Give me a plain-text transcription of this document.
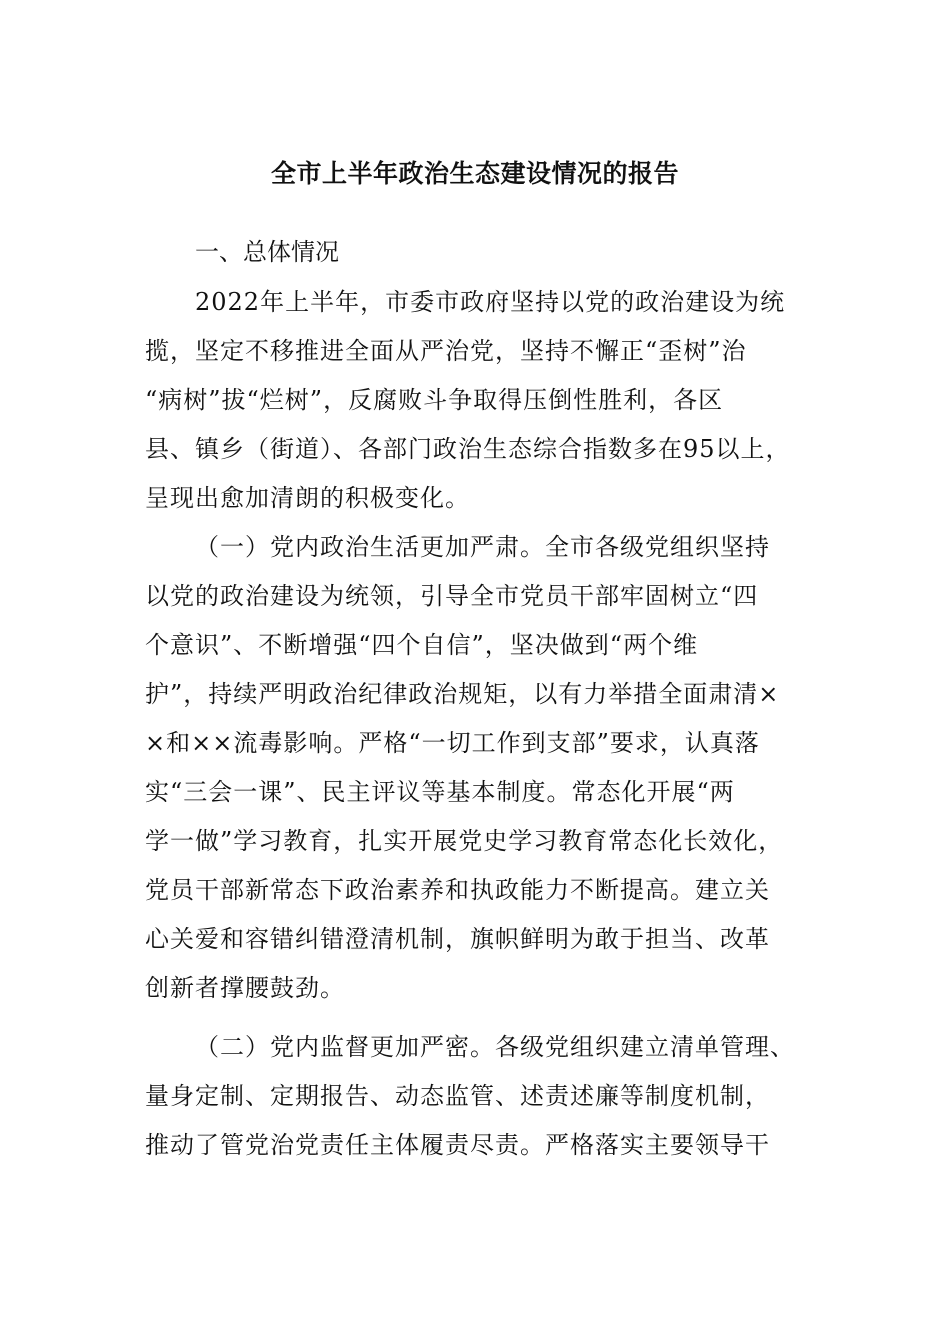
全市上半年政治生态建设情况的报告
一、总体情况
2022年上半年，市委市政府坚持以党的政治建设为统
揽，坚定不移推进全面从严治党，坚持不懈正“歪树”治
“病树”拔“烂树”，反腐败斗争取得压倒性胜利，各区
县、镇乡（街道）、各部门政治生态综合指数多在95以上，
呈现出愈加清朗的积极变化。
（一）党内政治生活更加严肃。全市各级党组织坚持
以党的政治建设为统领，引导全市党员干部牢固树立“四
个意识”、不断增强“四个自信”，坚决做到“两个维
护”，持续严明政治纪律政治规矩，以有力举措全面肃清×
×和××流毒影响。严格“一切工作到支部”要求，认真落
实“三会一课”、民主评议等基本制度。常态化开展“两
学一做”学习教育，扎实开展党史学习教育常态化长效化，
党员干部新常态下政治素养和执政能力不断提高。建立关
心关爱和容错纠错澄清机制，旗帜鲜明为敢于担当、改革
创新者撑腰鼓劲。
（二）党内监督更加严密。各级党组织建立清单管理、
量身定制、定期报告、动态监管、述责述廉等制度机制，
推动了管党治党责任主体履责尽责。严格落实主要领导干
